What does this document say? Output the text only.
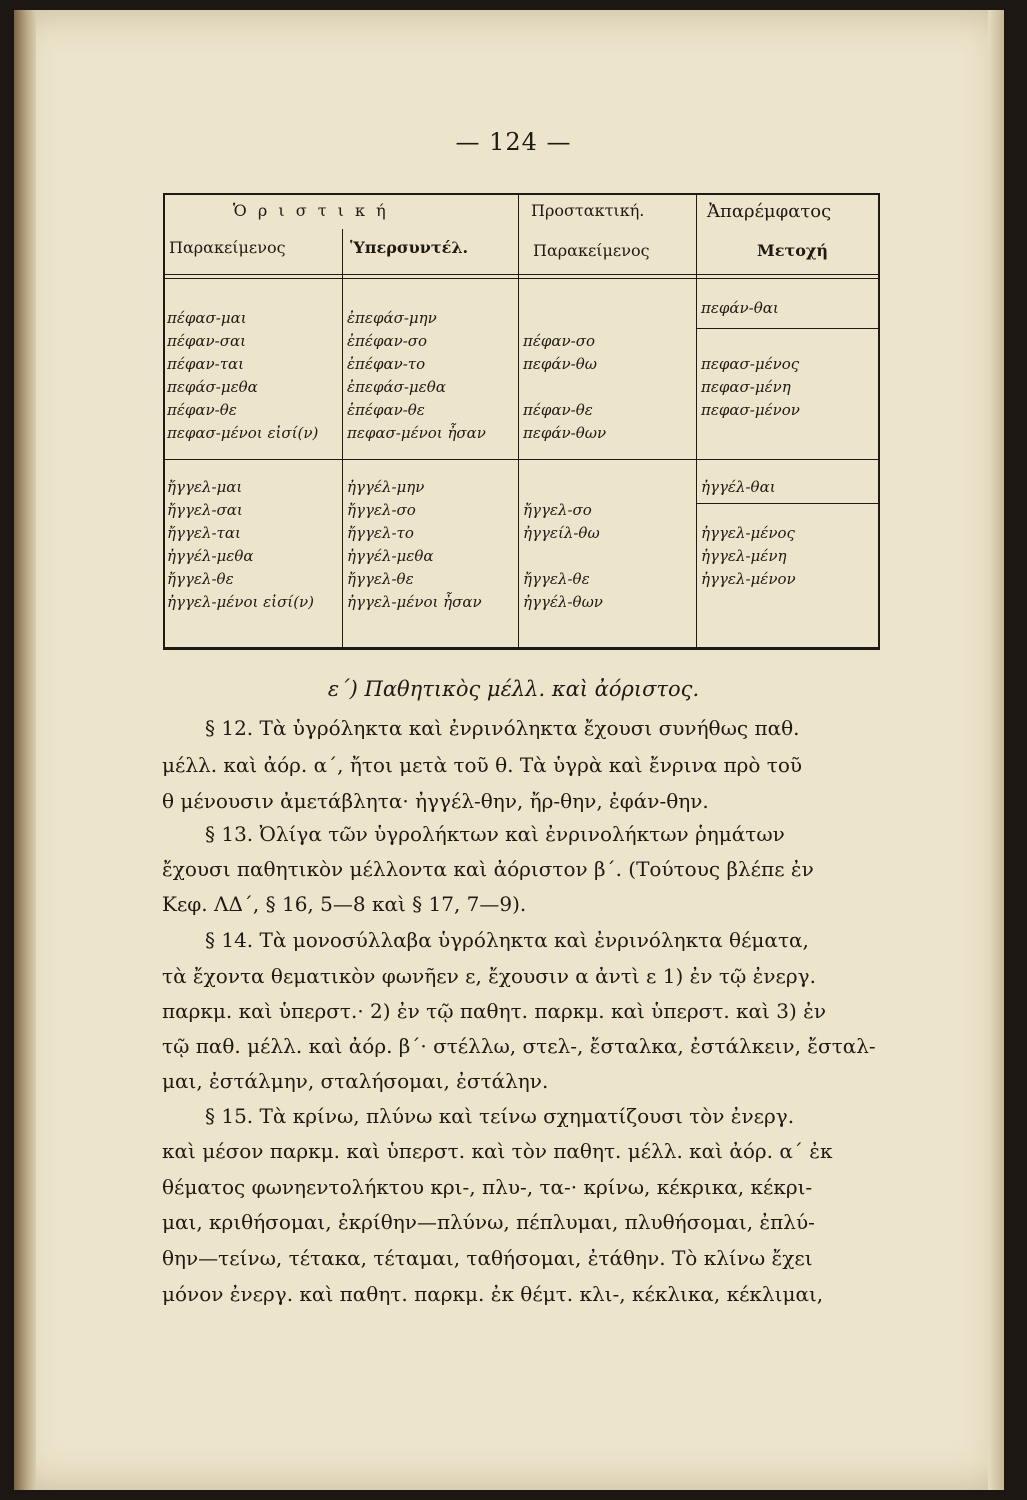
— 124 —
Ὁ ρ ι σ τ ι κ ή
Παρακείμενος	Ὑπερσυντέλ.
Προστακτική.
Παρακείμενος
Ἀπαρέμφατος
Μετοχή
πέφασ-μαι
πέφαν-σαι
πέφαν-ται
πεφάσ-μεθα
πέφαν-θε
πεφασ-μένοι εἰσί(ν)
ἐπεφάσ-μην
ἐπέφαν-σο
ἐπέφαν-το
ἐπεφάσ-μεθα
ἐπέφαν-θε
πεφασ-μένοι ἦσαν
πέφαν-σο
πεφάν-θω
πέφαν-θε
πεφάν-θων
πεφάν-θαι
πεφασ-μένος
πεφασ-μένη
πεφασ-μένον
ἤγγελ-μαι
ἤγγελ-σαι
ἤγγελ-ται
ἠγγέλ-μεθα
ἤγγελ-θε
ἠγγελ-μένοι εἰσί(ν)
ἠγγέλ-μην
ἤγγελ-σο
ἤγγελ-το
ἠγγέλ-μεθα
ἤγγελ-θε
ἠγγελ-μένοι ἦσαν
ἤγγελ-σο
ἠγγείλ-θω
ἤγγελ-θε
ἠγγέλ-θων
ἠγγέλ-θαι
ἠγγελ-μένος
ἠγγελ-μένη
ἠγγελ-μένον
ε΄) Παθητικὸς μέλλ. καὶ ἀόριστος.
§ 12. Τὰ ὑγρόληκτα καὶ ἐνρινόληκτα ἔχουσι συνήθως παθ.
μέλλ. καὶ ἀόρ. α΄, ἤτοι μετὰ τοῦ θ. Τὰ ὑγρὰ καὶ ἔνρινα πρὸ τοῦ
θ μένουσιν ἀμετάβλητα· ἠγγέλ-θην, ἤρ-θην, ἐφάν-θην.
§ 13. Ὀλίγα τῶν ὑγρολήκτων καὶ ἐνρινολήκτων ῥημάτων
ἔχουσι παθητικὸν μέλλοντα καὶ ἀόριστον β΄. (Τούτους βλέπε ἐν
Κεφ. ΛΔ΄, § 16, 5—8 καὶ § 17, 7—9).
§ 14. Τὰ μονοσύλλαβα ὑγρόληκτα καὶ ἐνρινόληκτα θέματα,
τὰ ἔχοντα θεματικὸν φωνῆεν ε, ἔχουσιν α ἀντὶ ε 1) ἐν τῷ ἐνεργ.
παρκμ. καὶ ὑπερστ.· 2) ἐν τῷ παθητ. παρκμ. καὶ ὑπερστ. καὶ 3) ἐν
τῷ παθ. μέλλ. καὶ ἀόρ. β΄· στέλλω, στελ-, ἔσταλκα, ἐστάλκειν, ἔσταλ-
μαι, ἐστάλμην, σταλήσομαι, ἐστάλην.
§ 15. Τὰ κρίνω, πλύνω καὶ τείνω σχηματίζουσι τὸν ἐνεργ.
καὶ μέσον παρκμ. καὶ ὑπερστ. καὶ τὸν παθητ. μέλλ. καὶ ἀόρ. α΄ ἐκ
θέματος φωνηεντολήκτου κρι-, πλυ-, τα-· κρίνω, κέκρικα, κέκρι-
μαι, κριθήσομαι, ἐκρίθην—πλύνω, πέπλυμαι, πλυθήσομαι, ἐπλύ-
θην—τείνω, τέτακα, τέταμαι, ταθήσομαι, ἐτάθην. Τὸ κλίνω ἔχει
μόνον ἐνεργ. καὶ παθητ. παρκμ. ἐκ θέμτ. κλι-, κέκλικα, κέκλιμαι,
